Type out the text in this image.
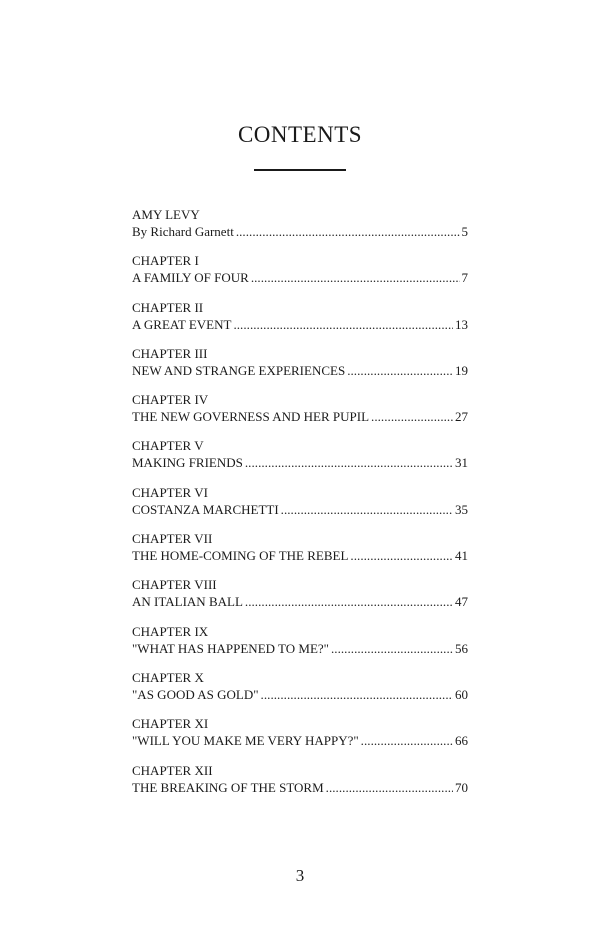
CONTENTS
AMY LEVY
By Richard Garnett . . .	5
CHAPTER I
A FAMILY OF FOUR . . .	7
CHAPTER II
A GREAT EVENT . . .	13
CHAPTER III
NEW AND STRANGE EXPERIENCES . . .	19
CHAPTER IV
THE NEW GOVERNESS AND HER PUPIL . . .	27
CHAPTER V
MAKING FRIENDS . . .	31
CHAPTER VI
COSTANZA MARCHETTI . . .	35
CHAPTER VII
THE HOME-COMING OF THE REBEL . . .	41
CHAPTER VIII
AN ITALIAN BALL . . .	47
CHAPTER IX
"WHAT HAS HAPPENED TO ME?" . . .	56
CHAPTER X
"AS GOOD AS GOLD" . . .	60
CHAPTER XI
"WILL YOU MAKE ME VERY HAPPY?" . . .	66
CHAPTER XII
THE BREAKING OF THE STORM . . .	70
3
